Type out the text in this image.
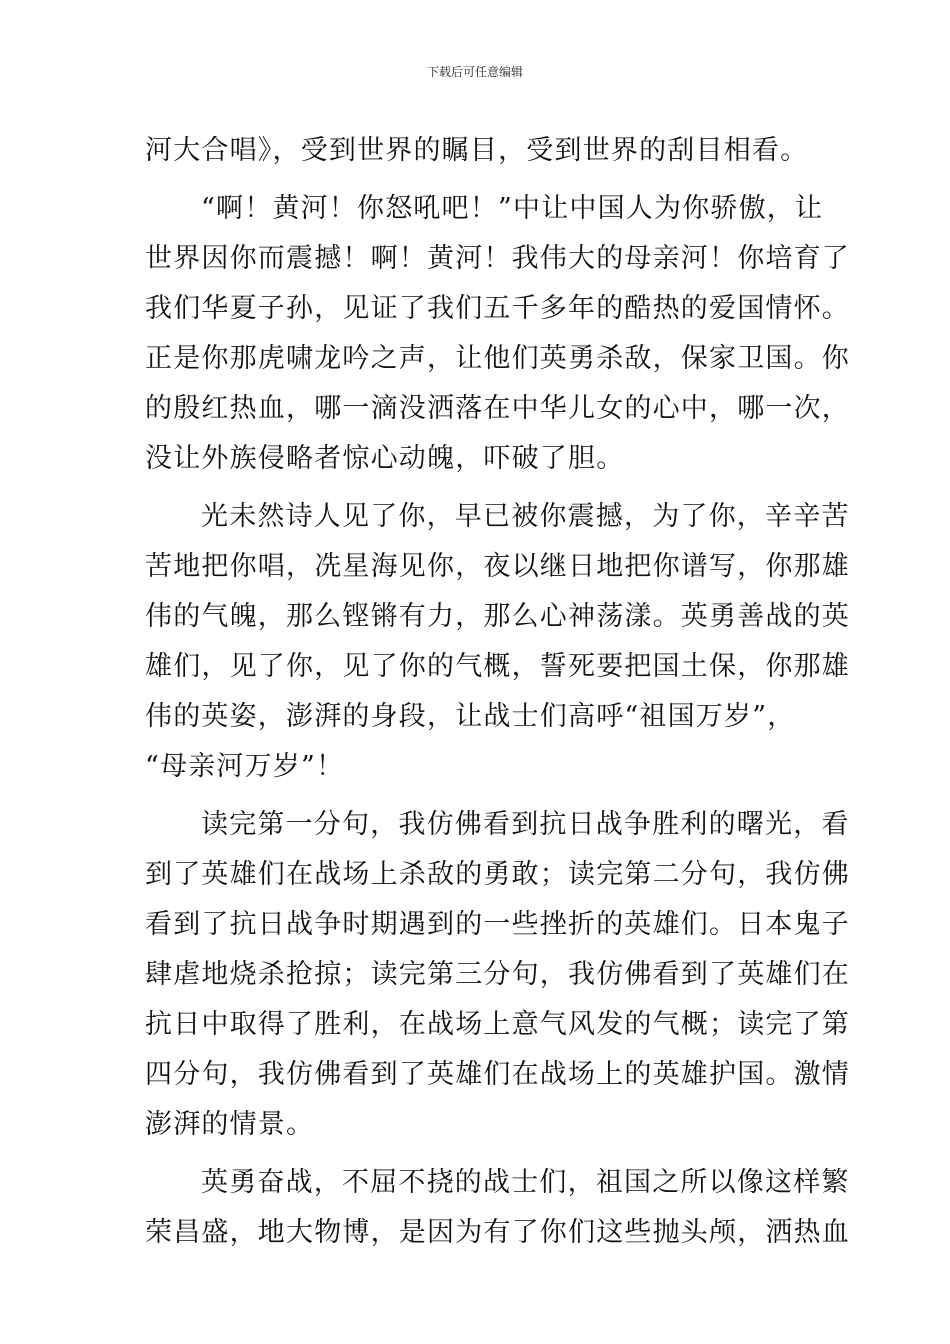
下载后可任意编辑
河大合唱》，受到世界的瞩目，受到世界的刮目相看。
“啊！黄河！你怒吼吧！”中让中国人为你骄傲，让
世界因你而震撼！啊！黄河！我伟大的母亲河！你培育了
我们华夏子孙，见证了我们五千多年的酷热的爱国情怀。
正是你那虎啸龙吟之声，让他们英勇杀敌，保家卫国。你
的殷红热血，哪一滴没洒落在中华儿女的心中，哪一次，
没让外族侵略者惊心动魄，吓破了胆。
光未然诗人见了你，早已被你震撼，为了你，辛辛苦
苦地把你唱，冼星海见你，夜以继日地把你谱写，你那雄
伟的气魄，那么铿锵有力，那么心神荡漾。英勇善战的英
雄们，见了你，见了你的气概，誓死要把国土保，你那雄
伟的英姿，澎湃的身段，让战士们高呼“祖国万岁”，
“母亲河万岁”！
读完第一分句，我仿佛看到抗日战争胜利的曙光，看
到了英雄们在战场上杀敌的勇敢；读完第二分句，我仿佛
看到了抗日战争时期遇到的一些挫折的英雄们。日本鬼子
肆虐地烧杀抢掠；读完第三分句，我仿佛看到了英雄们在
抗日中取得了胜利，在战场上意气风发的气概；读完了第
四分句，我仿佛看到了英雄们在战场上的英雄护国。激情
澎湃的情景。
英勇奋战，不屈不挠的战士们，祖国之所以像这样繁
荣昌盛，地大物博，是因为有了你们这些抛头颅，洒热血
